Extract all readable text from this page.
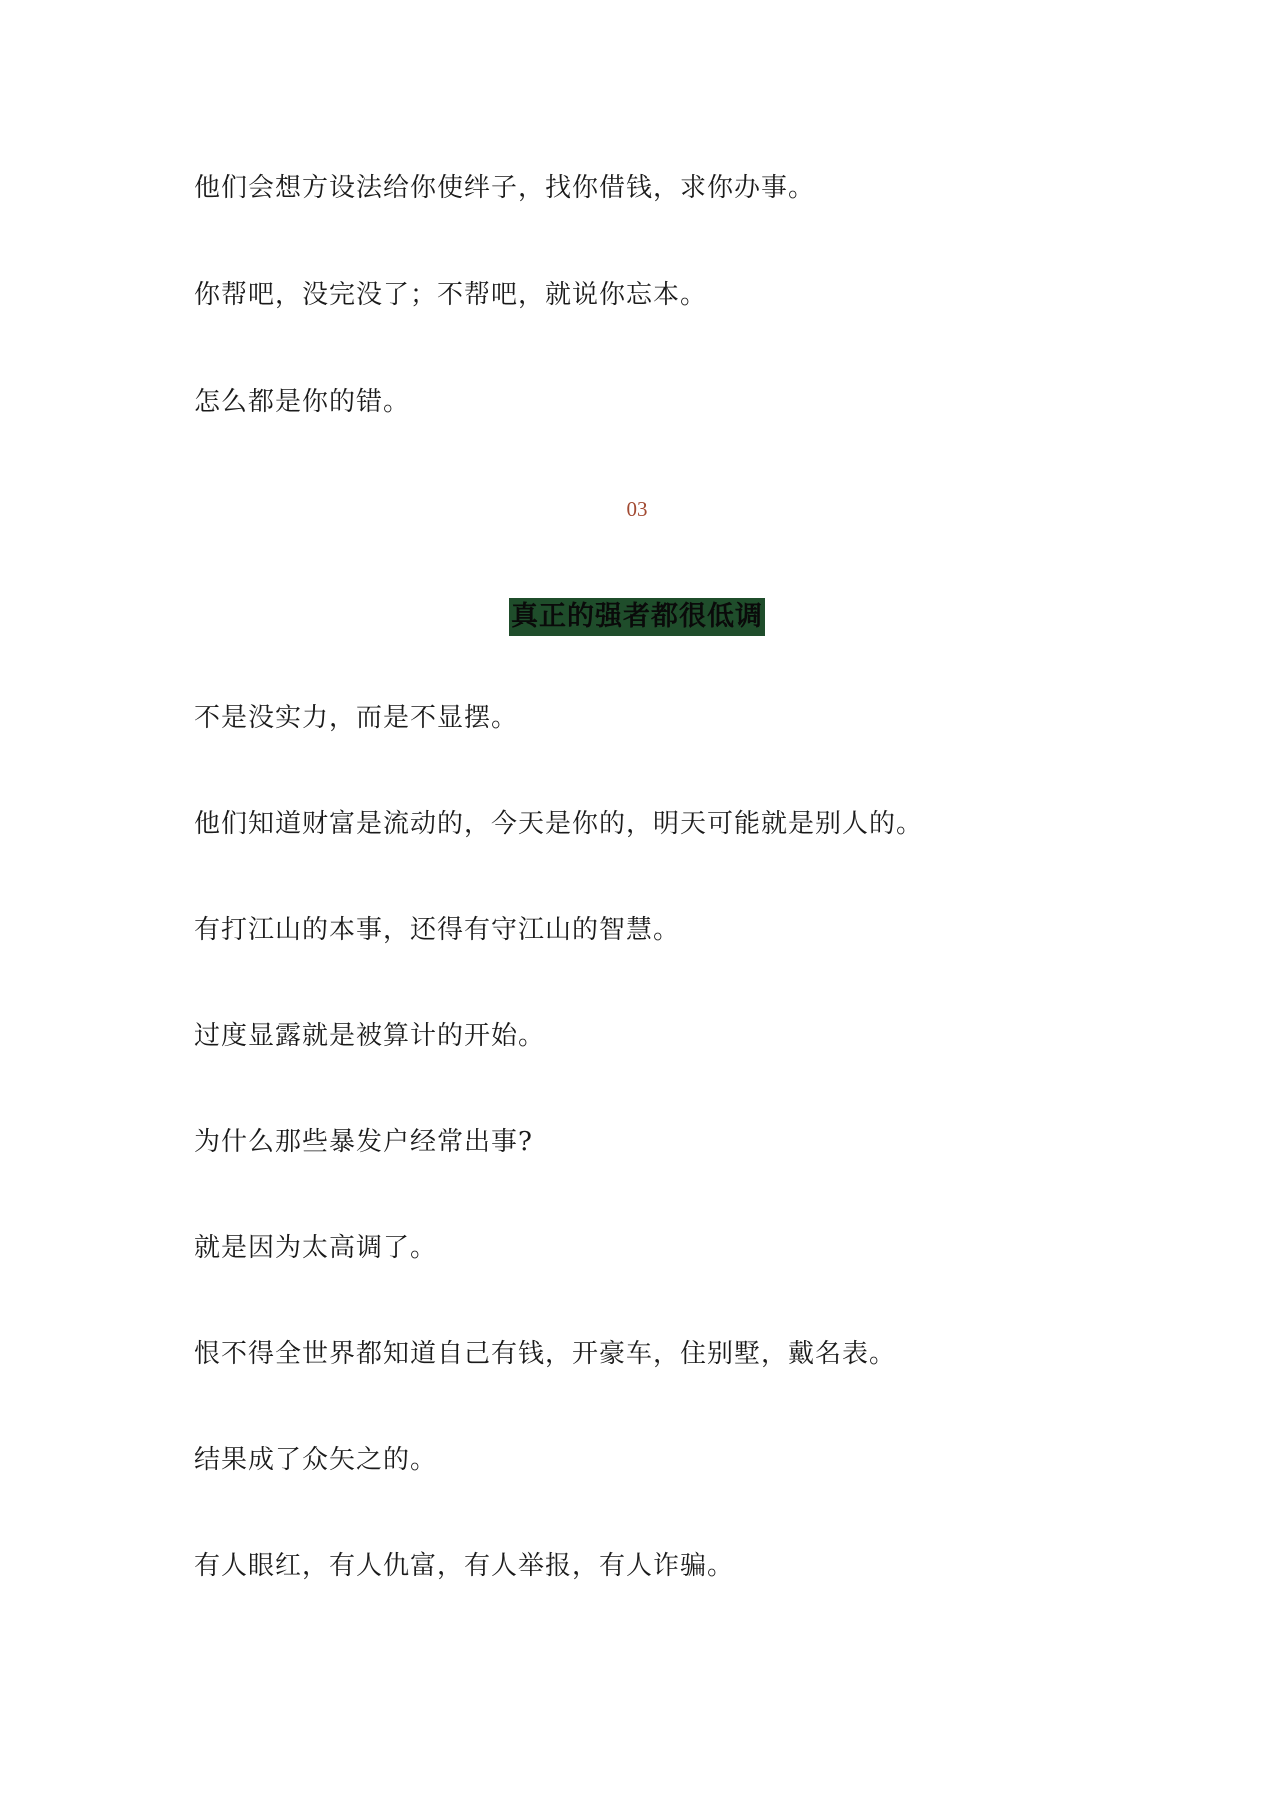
他们会想方设法给你使绊子，找你借钱，求你办事。

你帮吧，没完没了；不帮吧，就说你忘本。

怎么都是你的错。

03
真正的强者都很低调

不是没实力，而是不显摆。

他们知道财富是流动的，今天是你的，明天可能就是别人的。

有打江山的本事，还得有守江山的智慧。

过度显露就是被算计的开始。

为什么那些暴发户经常出事?

就是因为太高调了。

恨不得全世界都知道自己有钱，开豪车，住别墅，戴名表。

结果成了众矢之的。

有人眼红，有人仇富，有人举报，有人诈骗。
